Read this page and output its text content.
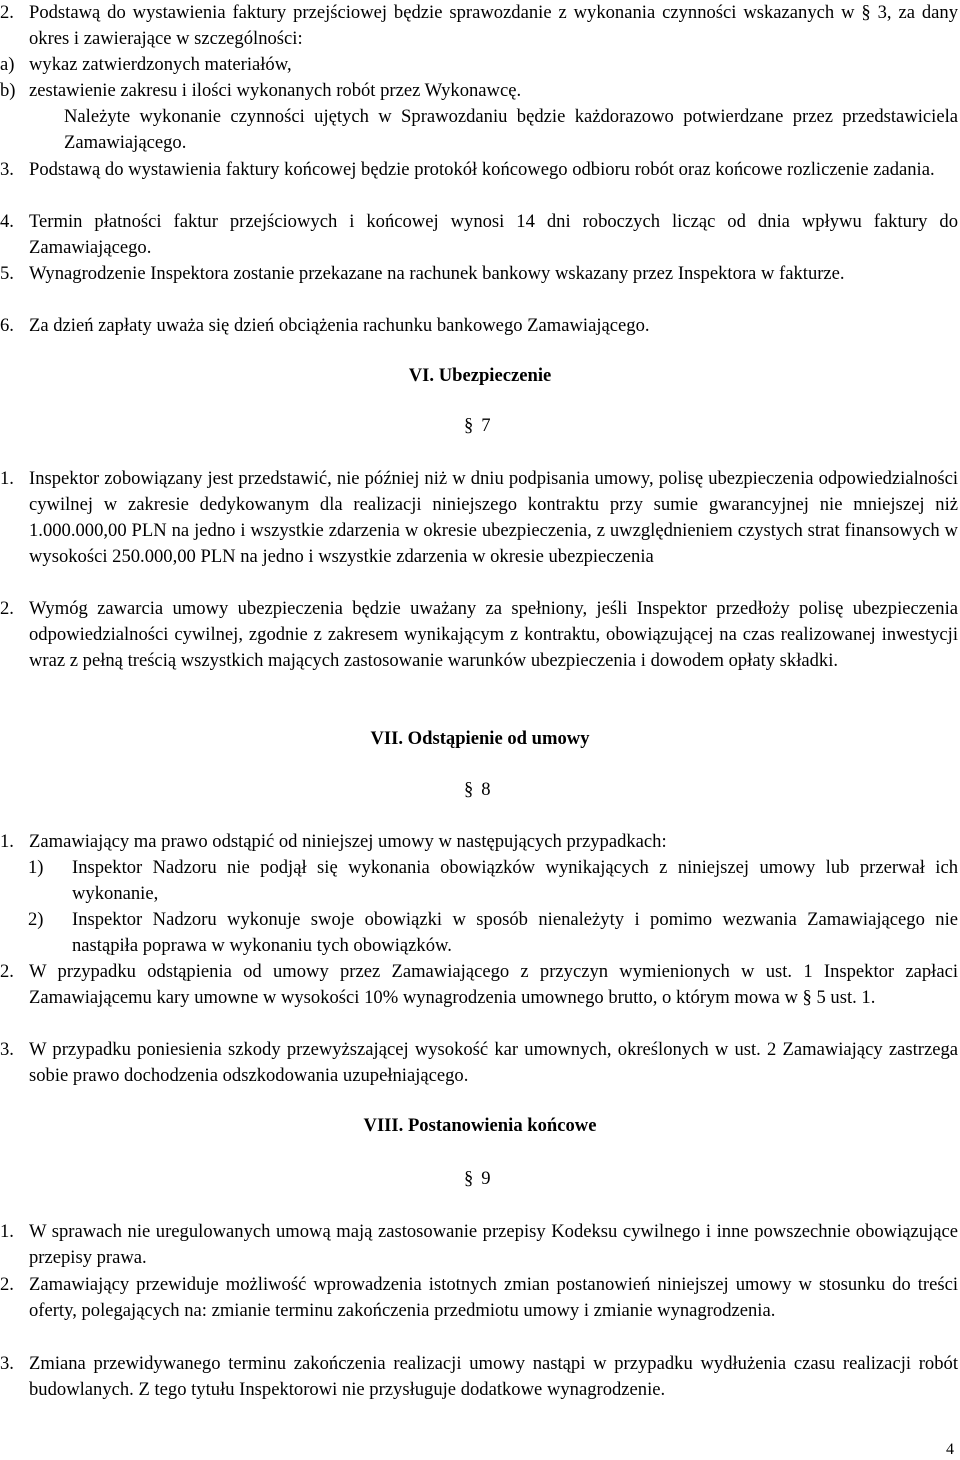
2. Podstawą do wystawienia faktury przejściowej będzie sprawozdanie z wykonania czynności wskazanych w § 3, za dany okres i zawierające w szczególności:
a) wykaz zatwierdzonych materiałów,
b) zestawienie zakresu i ilości wykonanych robót przez Wykonawcę.
Należyte wykonanie czynności ujętych w Sprawozdaniu będzie każdorazowo potwierdzane przez przedstawiciela Zamawiającego.
3. Podstawą do wystawienia faktury końcowej będzie protokół końcowego odbioru robót oraz końcowe rozliczenie zadania.
4. Termin płatności faktur przejściowych i końcowej wynosi 14 dni roboczych licząc od dnia wpływu faktury do Zamawiającego.
5. Wynagrodzenie Inspektora zostanie przekazane na rachunek bankowy wskazany przez Inspektora w fakturze.
6. Za dzień zapłaty uważa się dzień obciążenia rachunku bankowego Zamawiającego.
VI. Ubezpieczenie
§ 7
1. Inspektor zobowiązany jest przedstawić, nie później niż w dniu podpisania umowy, polisę ubezpieczenia odpowiedzialności cywilnej w zakresie dedykowanym dla realizacji niniejszego kontraktu przy sumie gwarancyjnej nie mniejszej niż 1.000.000,00 PLN na jedno i wszystkie zdarzenia w okresie ubezpieczenia, z uwzględnieniem czystych strat finansowych w wysokości 250.000,00 PLN na jedno i wszystkie zdarzenia w okresie ubezpieczenia
2. Wymóg zawarcia umowy ubezpieczenia będzie uważany za spełniony, jeśli Inspektor przedłoży polisę ubezpieczenia odpowiedzialności cywilnej, zgodnie z zakresem wynikającym z kontraktu, obowiązującej na czas realizowanej inwestycji wraz z pełną treścią wszystkich mających zastosowanie warunków ubezpieczenia i dowodem opłaty składki.
VII. Odstąpienie od umowy
§ 8
1. Zamawiający ma prawo odstąpić od niniejszej umowy w następujących przypadkach:
1) Inspektor Nadzoru nie podjął się wykonania obowiązków wynikających z niniejszej umowy lub przerwał ich wykonanie,
2) Inspektor Nadzoru wykonuje swoje obowiązki w sposób nienależyty i pomimo wezwania Zamawiającego nie nastąpiła poprawa w wykonaniu tych obowiązków.
2. W przypadku odstąpienia od umowy przez Zamawiającego z przyczyn wymienionych w ust. 1 Inspektor zapłaci Zamawiającemu kary umowne w wysokości 10% wynagrodzenia umownego brutto, o którym mowa w § 5 ust. 1.
3. W przypadku poniesienia szkody przewyższającej wysokość kar umownych, określonych w ust. 2 Zamawiający zastrzega sobie prawo dochodzenia odszkodowania uzupełniającego.
VIII. Postanowienia końcowe
§ 9
1. W sprawach nie uregulowanych umową mają zastosowanie przepisy Kodeksu cywilnego i inne powszechnie obowiązujące przepisy prawa.
2. Zamawiający przewiduje możliwość wprowadzenia istotnych zmian postanowień niniejszej umowy w stosunku do treści oferty, polegających na: zmianie terminu zakończenia przedmiotu umowy i zmianie wynagrodzenia.
3. Zmiana przewidywanego terminu zakończenia realizacji umowy nastąpi w przypadku wydłużenia czasu realizacji robót budowlanych. Z tego tytułu Inspektorowi nie przysługuje dodatkowe wynagrodzenie.
4
